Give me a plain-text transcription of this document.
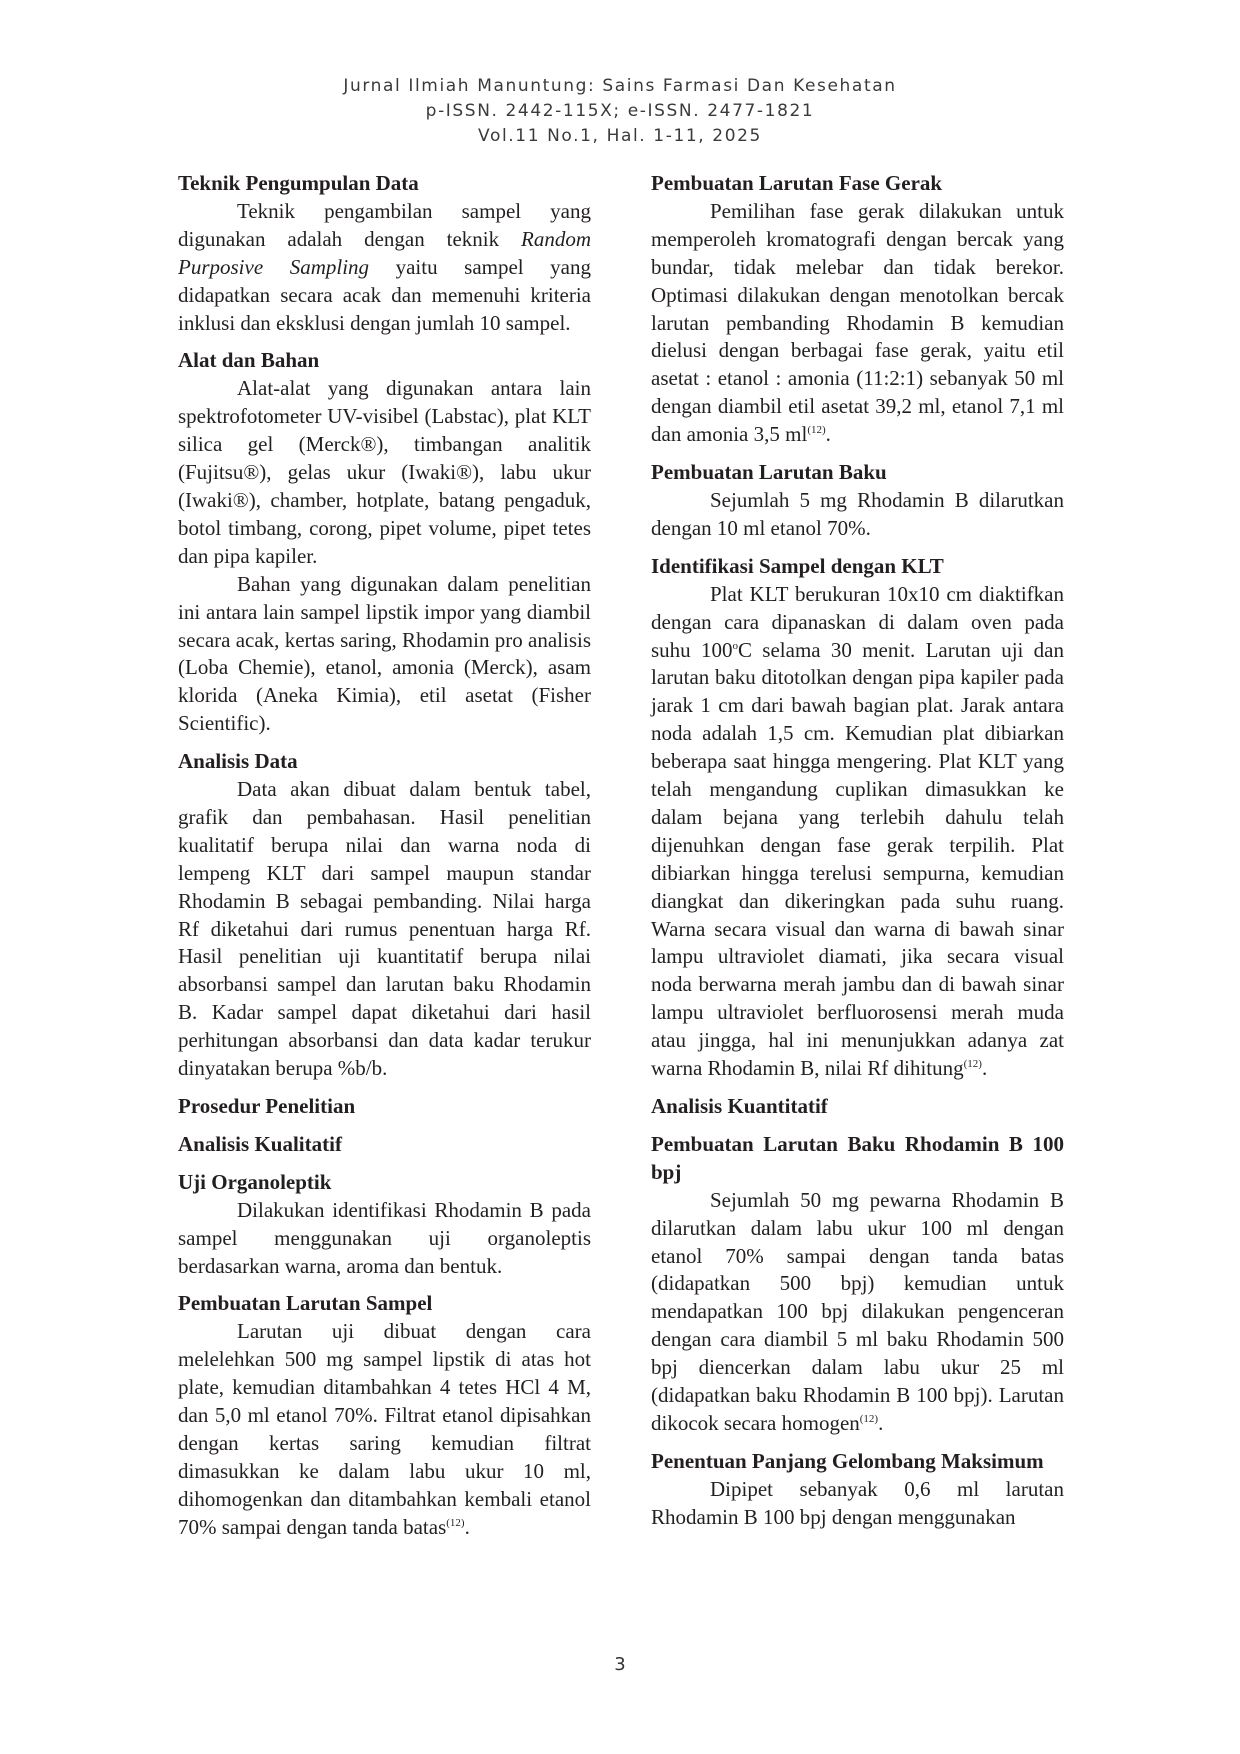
Jurnal Ilmiah Manuntung: Sains Farmasi Dan Kesehatan
p-ISSN. 2442-115X; e-ISSN. 2477-1821
Vol.11 No.1, Hal. 1-11, 2025
Teknik Pengumpulan Data

Teknik pengambilan sampel yang digunakan adalah dengan teknik Random Purposive Sampling yaitu sampel yang didapatkan secara acak dan memenuhi kriteria inklusi dan eksklusi dengan jumlah 10 sampel.

Alat dan Bahan

Alat-alat yang digunakan antara lain spektrofotometer UV-visibel (Labstac), plat KLT silica gel (Merck®), timbangan analitik (Fujitsu®), gelas ukur (Iwaki®), labu ukur (Iwaki®), chamber, hotplate, batang pengaduk, botol timbang, corong, pipet volume, pipet tetes dan pipa kapiler.

Bahan yang digunakan dalam penelitian ini antara lain sampel lipstik impor yang diambil secara acak, kertas saring, Rhodamin pro analisis (Loba Chemie), etanol, amonia (Merck), asam klorida (Aneka Kimia), etil asetat (Fisher Scientific).

Analisis Data

Data akan dibuat dalam bentuk tabel, grafik dan pembahasan. Hasil penelitian kualitatif berupa nilai dan warna noda di lempeng KLT dari sampel maupun standar Rhodamin B sebagai pembanding. Nilai harga Rf diketahui dari rumus penentuan harga Rf. Hasil penelitian uji kuantitatif berupa nilai absorbansi sampel dan larutan baku Rhodamin B. Kadar sampel dapat diketahui dari hasil perhitungan absorbansi dan data kadar terukur dinyatakan berupa %b/b.

Prosedur Penelitian
Analisis Kualitatif
Uji Organoleptik

Dilakukan identifikasi Rhodamin B pada sampel menggunakan uji organoleptis berdasarkan warna, aroma dan bentuk.

Pembuatan Larutan Sampel

Larutan uji dibuat dengan cara melelehkan 500 mg sampel lipstik di atas hot plate, kemudian ditambahkan 4 tetes HCl 4 M, dan 5,0 ml etanol 70%. Filtrat etanol dipisahkan dengan kertas saring kemudian filtrat dimasukkan ke dalam labu ukur 10 ml, dihomogenkan dan ditambahkan kembali etanol 70% sampai dengan tanda batas$^{(12)}$.

Pembuatan Larutan Fase Gerak

Pemilihan fase gerak dilakukan untuk memperoleh kromatografi dengan bercak yang bundar, tidak melebar dan tidak berekor. Optimasi dilakukan dengan menotolkan bercak larutan pembanding Rhodamin B kemudian dielusi dengan berbagai fase gerak, yaitu etil asetat : etanol : amonia (11:2:1) sebanyak 50 ml dengan diambil etil asetat 39,2 ml, etanol 7,1 ml dan amonia 3,5 $ml^{(12)}$.

Pembuatan Larutan Baku

Sejumlah 5 mg Rhodamin B dilarutkan dengan 10 ml etanol 70%.

Identifikasi Sampel dengan KLT

Plat KLT berukuran 10x10 cm diaktifkan dengan cara dipanaskan di dalam oven pada suhu 100$^o$C selama 30 menit. Larutan uji dan larutan baku ditotolkan dengan pipa kapiler pada jarak 1 cm dari bawah bagian plat. Jarak antara noda adalah 1,5 cm. Kemudian plat dibiarkan beberapa saat hingga mengering. Plat KLT yang telah mengandung cuplikan dimasukkan ke dalam bejana yang terlebih dahulu telah dijenuhkan dengan fase gerak terpilih. Plat dibiarkan hingga terelusi sempurna, kemudian diangkat dan dikeringkan pada suhu ruang. Warna secara visual dan warna di bawah sinar lampu ultraviolet diamati, jika secara visual noda berwarna merah jambu dan di bawah sinar lampu ultraviolet berfluorosensi merah muda atau jingga, hal ini menunjukkan adanya zat warna Rhodamin B, nilai Rf dihitung$^{(12)}$.

Analisis Kuantitatif
Pembuatan Larutan Baku Rhodamin B 100 bpj

Sejumlah 50 mg pewarna Rhodamin B dilarutkan dalam labu ukur 100 ml dengan etanol 70% sampai dengan tanda batas (didapatkan 500 bpj) kemudian untuk mendapatkan 100 bpj dilakukan pengenceran dengan cara diambil 5 ml baku Rhodamin 500 bpj diencerkan dalam labu ukur 25 ml (didapatkan baku Rhodamin B 100 bpj). Larutan dikocok secara homogen$^{(12)}$.

Penentuan Panjang Gelombang Maksimum

Dipipet sebanyak 0,6 ml larutan Rhodamin B 100 bpj dengan menggunakan

3
